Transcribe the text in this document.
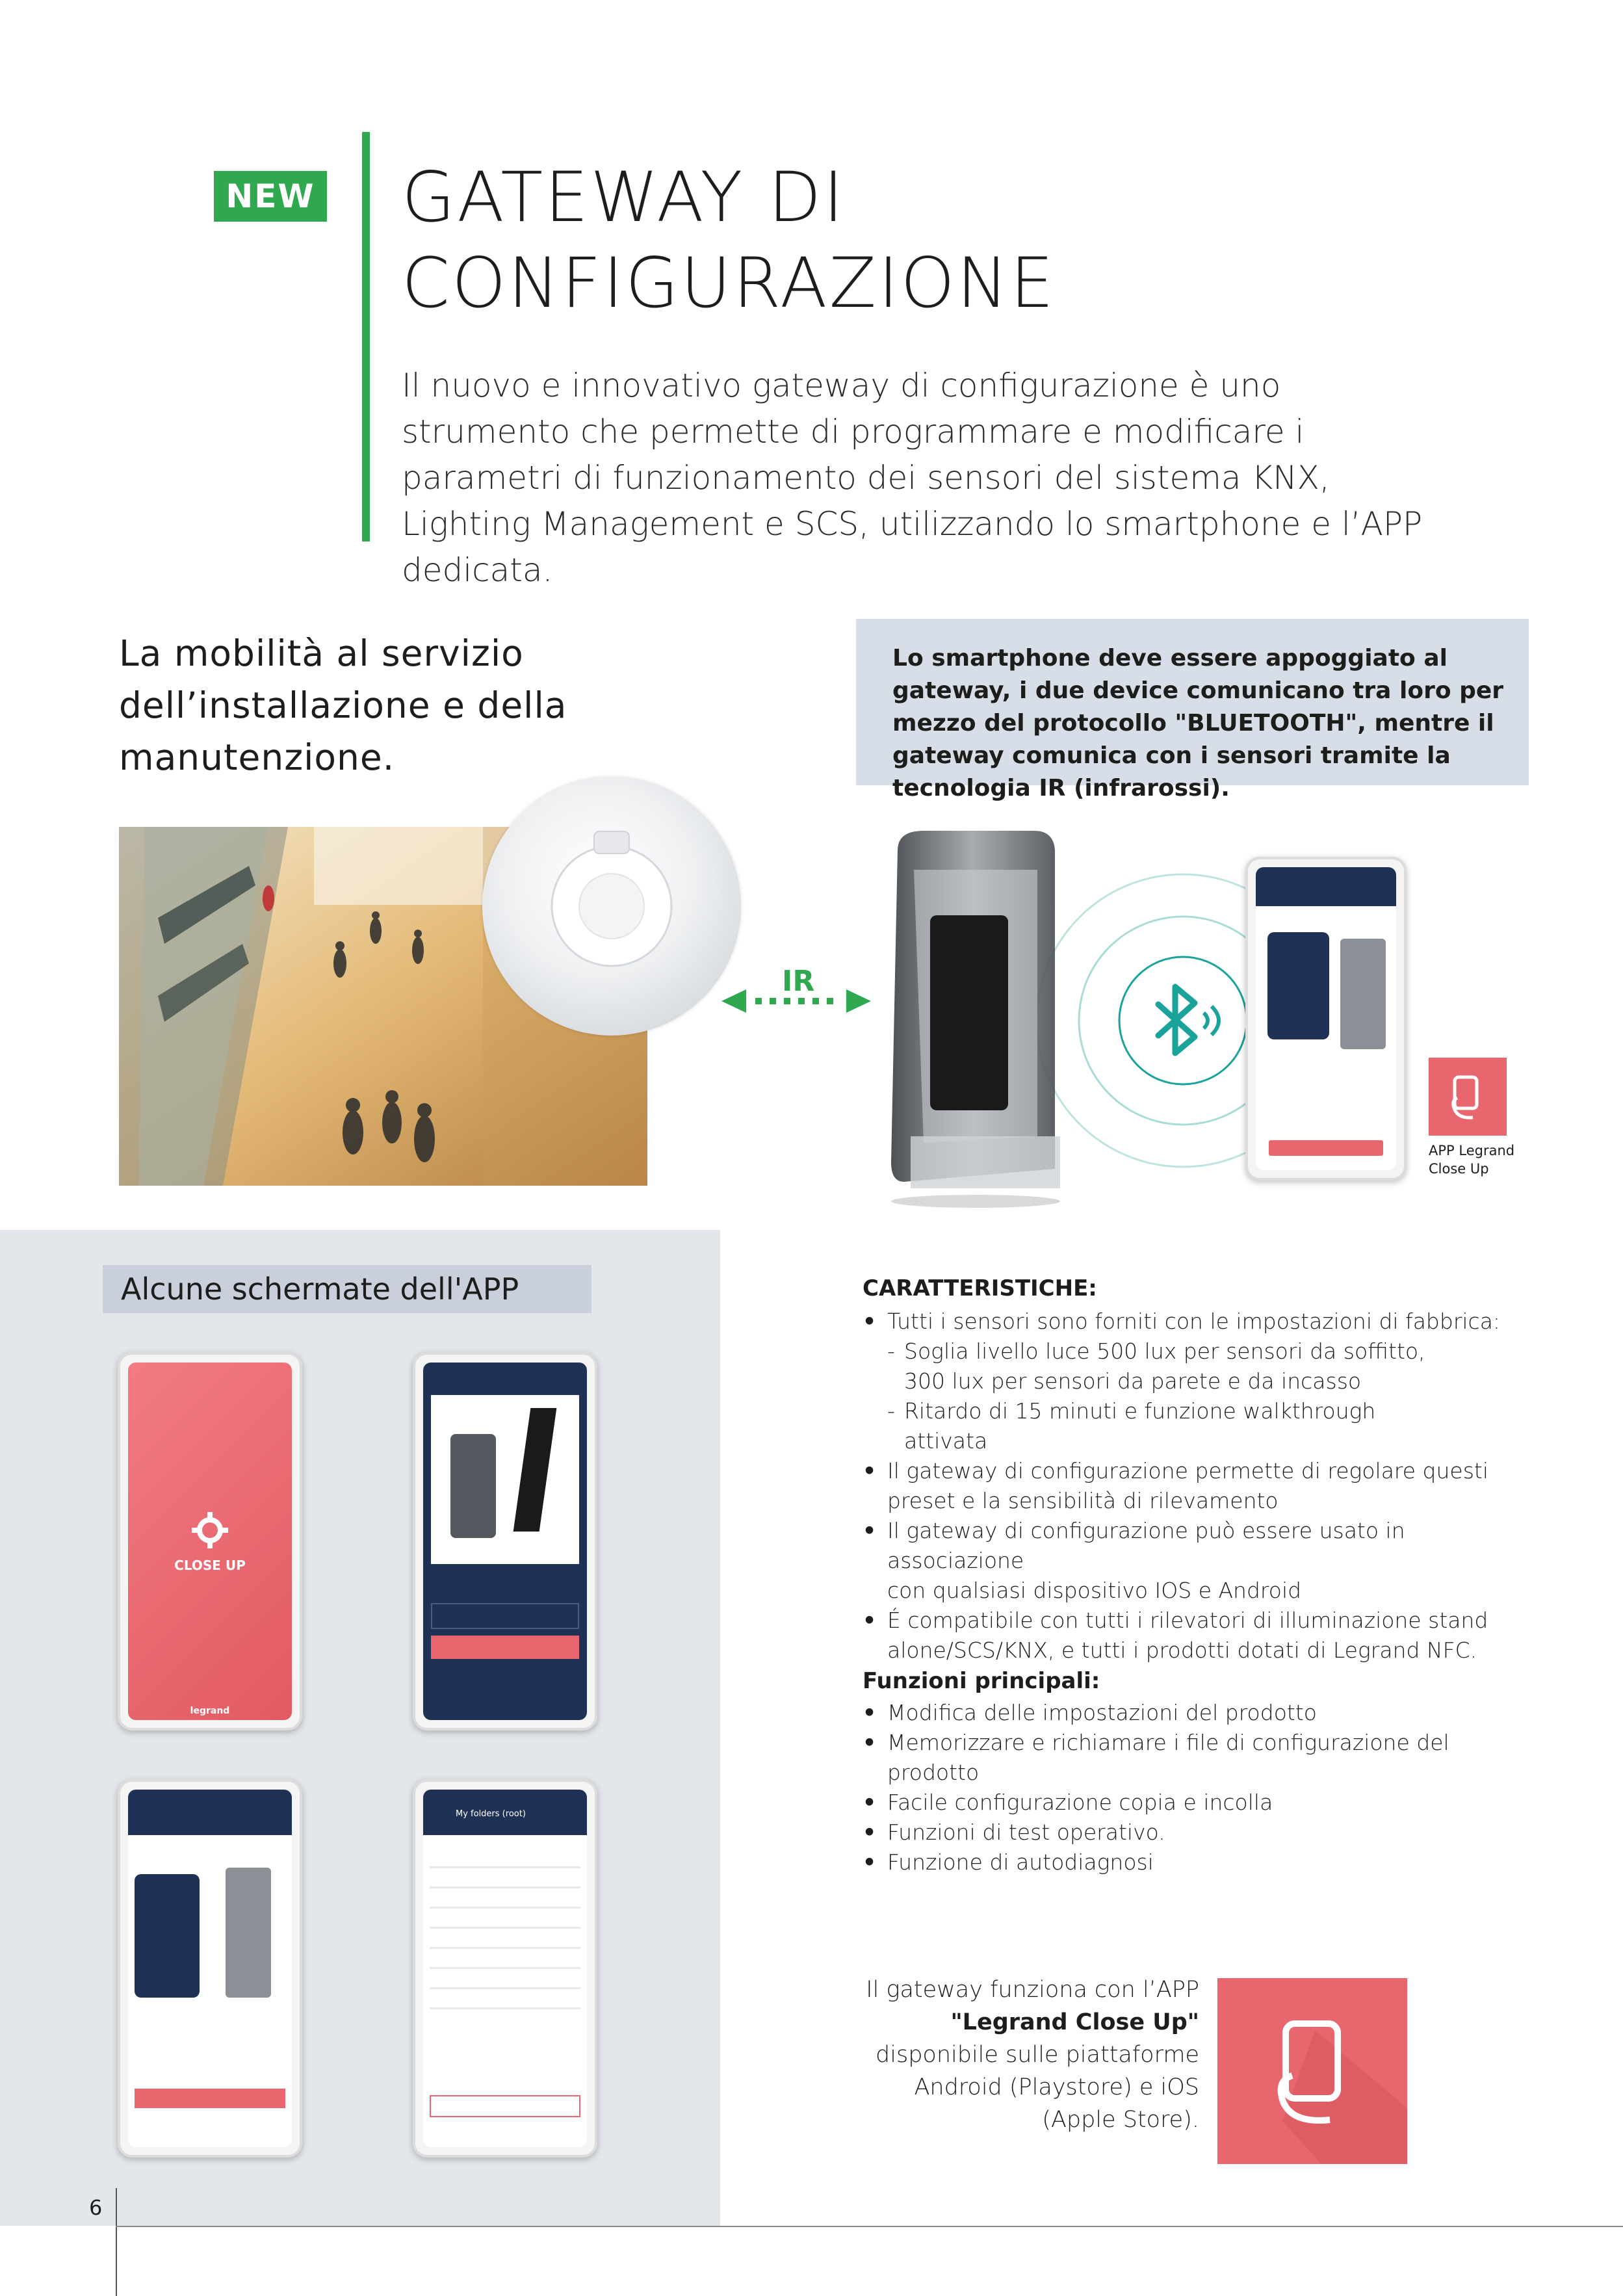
NEW GATEWAY DI
CONFIGURAZIONE
Il nuovo e innovativo gateway di configurazione è uno strumento che permette di programmare e modificare i parametri di funzionamento dei sensori del sistema KNX, Lighting Management e SCS, utilizzando lo smartphone e l’APP dedicata.
La mobilità al servizio
dell’installazione e della
manutenzione.
Lo smartphone deve essere appoggiato al gateway, i due device comunicano tra loro per mezzo del protocollo "BLUETOOTH", mentre il gateway comunica con i sensori tramite la tecnologia IR (infrarossi).
IR
APP Legrand
Close Up
Alcune schermate dell'APP
CLOSE UP
legrand
My folders (root)
CARATTERISTICHE:
• Tutti i sensori sono forniti con le impostazioni di fabbrica:
- Soglia livello luce 500 lux per sensori da soffitto,
300 lux per sensori da parete e da incasso
- Ritardo di 15 minuti e funzione walkthrough
attivata
• Il gateway di configurazione permette di regolare questi
preset e la sensibilità di rilevamento
• Il gateway di configurazione può essere usato in associazione
con qualsiasi dispositivo IOS e Android
• É compatibile con tutti i rilevatori di illuminazione stand
alone/SCS/KNX, e tutti i prodotti dotati di Legrand NFC.
Funzioni principali:
• Modifica delle impostazioni del prodotto
• Memorizzare e richiamare i file di configurazione del prodotto
• Facile configurazione copia e incolla
• Funzioni di test operativo.
• Funzione di autodiagnosi
Il gateway funziona con l’APP
"Legrand Close Up"
disponibile sulle piattaforme
Android (Playstore) e iOS
(Apple Store).
6
